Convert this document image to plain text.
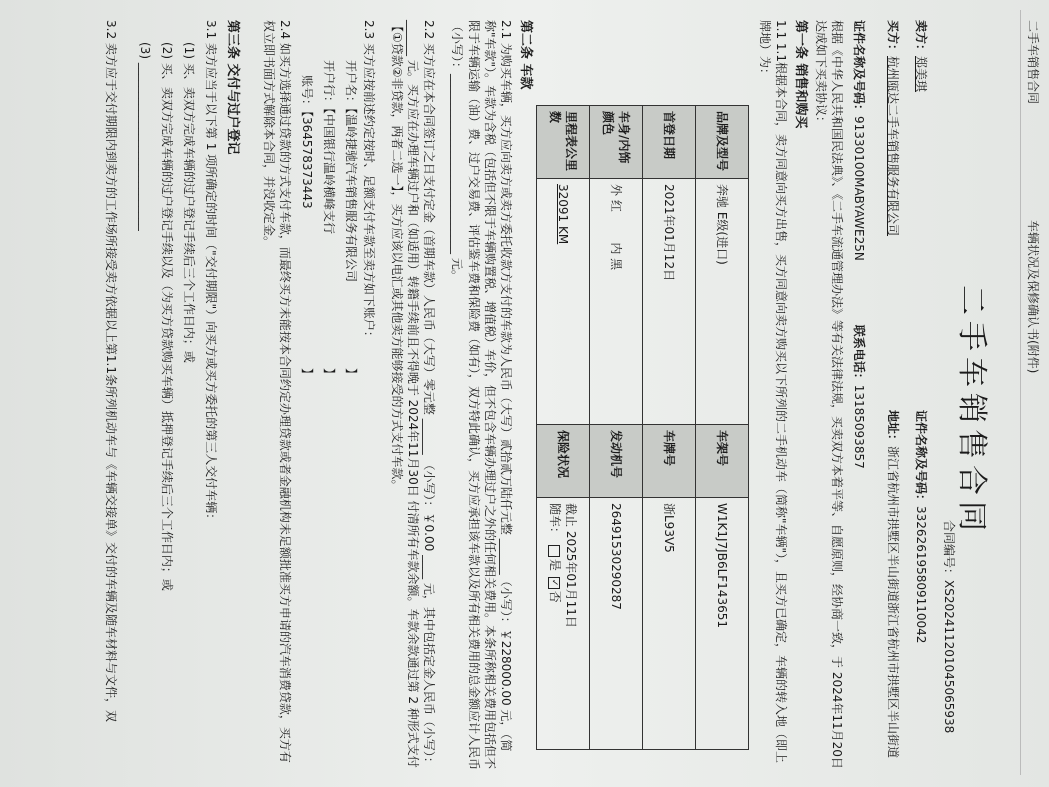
二手车销售合同
车辆状况及保修确认书(附件)
二手车销售合同
合同编号：XS202411201045065938
卖方：郑美琪
证件名称及号码：332626195809110042
买方：杭州瓯达二手车销售服务有限公司
地址：浙江省杭州市拱墅区半山街道浙江省杭州市拱墅区半山街道
证件名称及号码：91330100MABYAWE25N 联系电话：13185093857
根据《中华人民共和国民法典》、《二手车流通管理办法》等有关法律法规，买卖双方本着平等、自愿原则，经协商一致，于 2024年11月20日 达成如下买卖协议：
第一条 销售和购买
1.1 1.1根据本合同，卖方同意向买方出售，买方同意向卖方购买以下所列的二手机动车（简称"车辆"），且买方已确定，车辆的转入地（即上牌地）为：
品牌及型号	奔驰 E级(进口)	车架号	W1K1J7JB6LF143651
首登日期	2021年01月12日	车牌号	浙L93V5
车身/内饰颜色	外 红        内 黑	发动机号	26491530290287
里程表公里数	32091 KM	保险状况	截止 2025年01月11日
随车： 是 ✓否
第二条 车款
2.1 为购买车辆，买方应向卖方或卖方委托收款方支付的车款为人民币（大写）贰拾贰万陆仟元整 ______（小写）：￥228000.00 元，（简称"车款"）。车款为含税（包括但不限于车辆购置税、增值税）车价，但不包含车辆办理过户之外的任何相关费用。本条所称相关费用包括但不限于车辆运输（油）费、过户交易费、评估鉴车费和保险费（如有），双方特此确认，买方应承担该车款以及所有相关费用的总金额应计人民币（小写）：______________________________ 元。
2.2 买方应在本合同签订之日支付定金（首期车款）人民币（大写）零元整 ______ （小写）：￥0.00 ____ 元，其中包括定金人民币（小写）：______ 元。买方应在办理车辆过户和（如适用）转籍手续前且不得晚于 2024年11月30日 付清所有车款余额。车款余款通过第 2 种形式支付【①贷款②非贷款，两者二选一】，买方应该以电汇或其他卖方能够接受的方式支付车款。
2.3 买方应按前述约定按时、足额支付车款至卖方如下账户：
开户名：【温岭捷驰汽车销售服务有限公司
】
开户行：【中国银行温岭横峰支行
】
账号：【364578373443
】
2.4 如买方选择通过贷款的方式支付车款，而最终买方未能按本合同约定办理贷款或者金融机构未足额批准买方申请的汽车消费贷款，买方有权立即书面方式解除本合同，并没收定金。
第三条 交付与过户登记
3.1 卖方应当于以下第 1 项所确定的时间（"交付期限"）向买方或买方委托的第三人交付车辆：
(1) 买、卖双方完成车辆的过户登记手续后三个工作日内；或
(2) 买、卖双方完成车辆的过户登记手续以及（为买方贷款购买车辆）抵押登记手续后三个工作日内；或
(3) ____________________________
3.2 卖方应于交付期限内到卖方的工作场所接受卖方依据以上第1.1条所列机动车与《车辆交接单》交付的车辆及随车材料与文件，双
